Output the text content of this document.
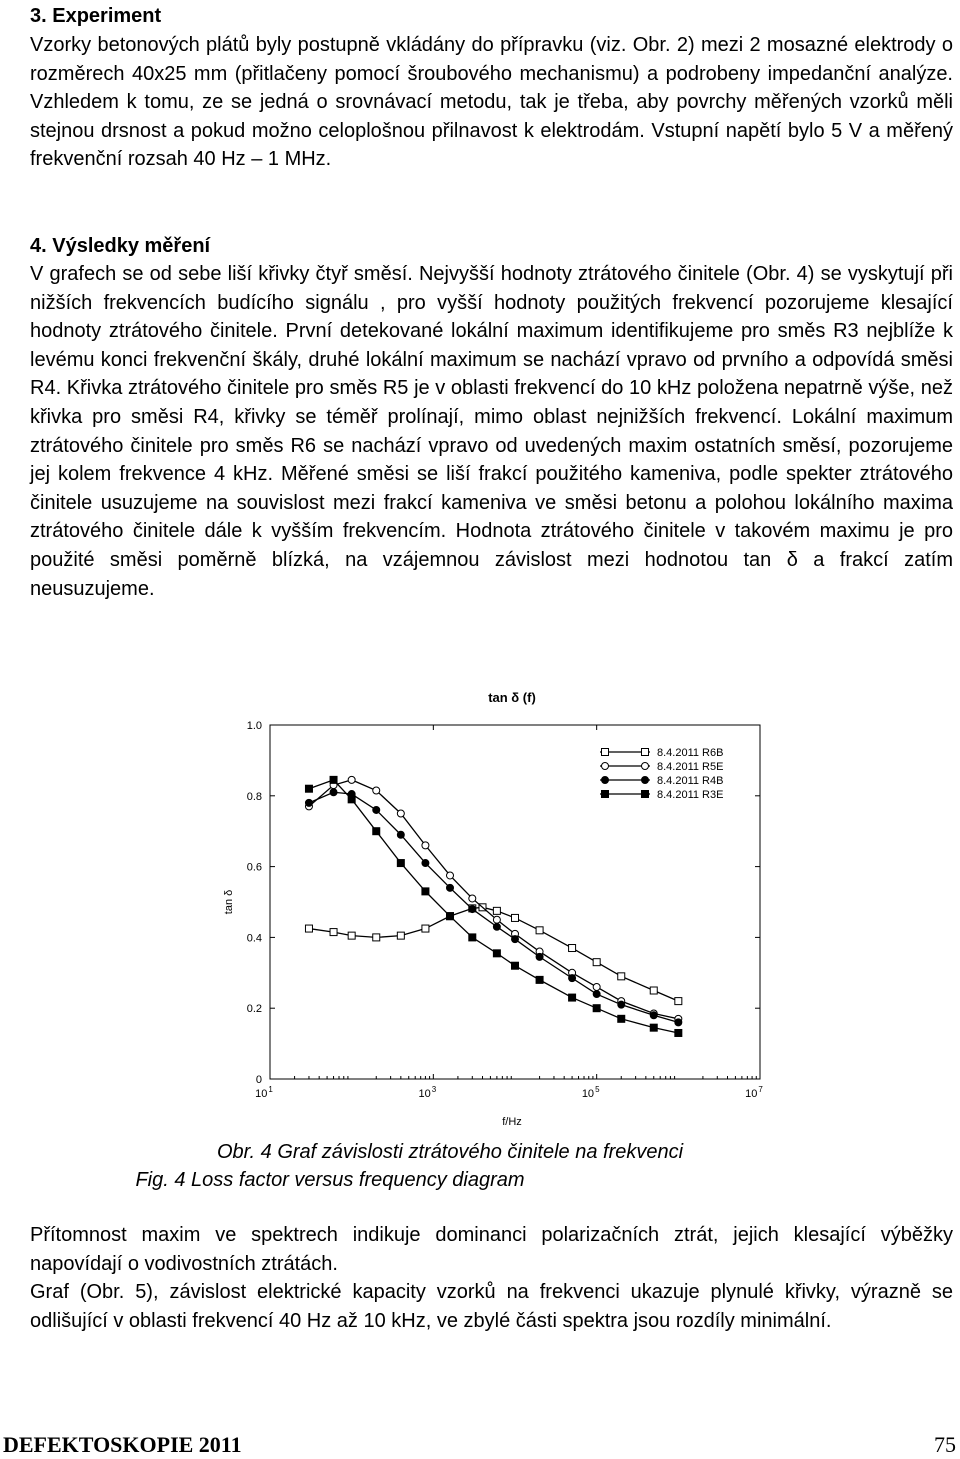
3. Experiment

Vzorky betonových plátů byly postupně vkládány do přípravku (viz. Obr. 2) mezi 2 mosazné elektrody o rozměrech 40x25 mm (přitlačeny pomocí šroubového mechanismu) a podrobeny impedanční analýze. Vzhledem k tomu, ze se jedná o srovnávací metodu, tak je třeba, aby povrchy měřených vzorků měli stejnou drsnost a pokud možno celoplošnou přilnavost k elektrodám. Vstupní napětí bylo 5 V a měřený frekvenční rozsah 40 Hz – 1 MHz.

4. Výsledky měření

V grafech se od sebe liší křivky čtyř směsí. Nejvyšší hodnoty ztrátového činitele (Obr. 4) se vyskytují při nižších frekvencích budícího signálu , pro vyšší hodnoty použitých frekvencí pozorujeme klesající hodnoty ztrátového činitele. První detekované lokální maximum identifikujeme pro směs R3 nejblíže k levému konci frekvenční škály, druhé lokální maximum se nachází vpravo od prvního a odpovídá směsi R4. Křivka ztrátového činitele pro směs R5 je v oblasti frekvencí do 10 kHz položena nepatrně výše, než křivka pro směsi R4, křivky se téměř prolínají, mimo oblast nejnižších frekvencí. Lokální maximum ztrátového činitele pro směs R6 se nachází vpravo od uvedených maxim ostatních směsí, pozorujeme jej kolem frekvence 4 kHz. Měřené směsi se liší frakcí použitého kameniva, podle spekter ztrátového činitele usuzujeme na souvislost mezi frakcí kameniva ve směsi betonu a polohou lokálního maxima ztrátového činitele dále k vyšším frekvencím. Hodnota ztrátového činitele v takovém maximu je pro použité směsi poměrně blízká, na vzájemnou závislost mezi hodnotou tan δ a frakcí zatím neusuzujeme.

tan δ (f)
0
0.2
0.4
0.6
0.8
1.0
$10^1$	$10^3$	$10^5$	$10^7$
8.4.2011 R6B
8.4.2011 R5E
8.4.2011 R4B
8.4.2011 R3E
f/Hz
tan δ
Obr. 4 Graf závislosti ztrátového činitele na frekvenci
Fig. 4 Loss factor versus frequency diagram

Přítomnost maxim ve spektrech indikuje dominanci polarizačních ztrát, jejich klesající výběžky napovídají o vodivostních ztrátách.

Graf (Obr. 5), závislost elektrické kapacity vzorků na frekvenci ukazuje plynulé křivky, výrazně se odlišující v oblasti frekvencí 40 Hz až 10 kHz, ve zbylé části spektra jsou rozdíly minimální.

DEFEKTOSKOPIE 2011	75
